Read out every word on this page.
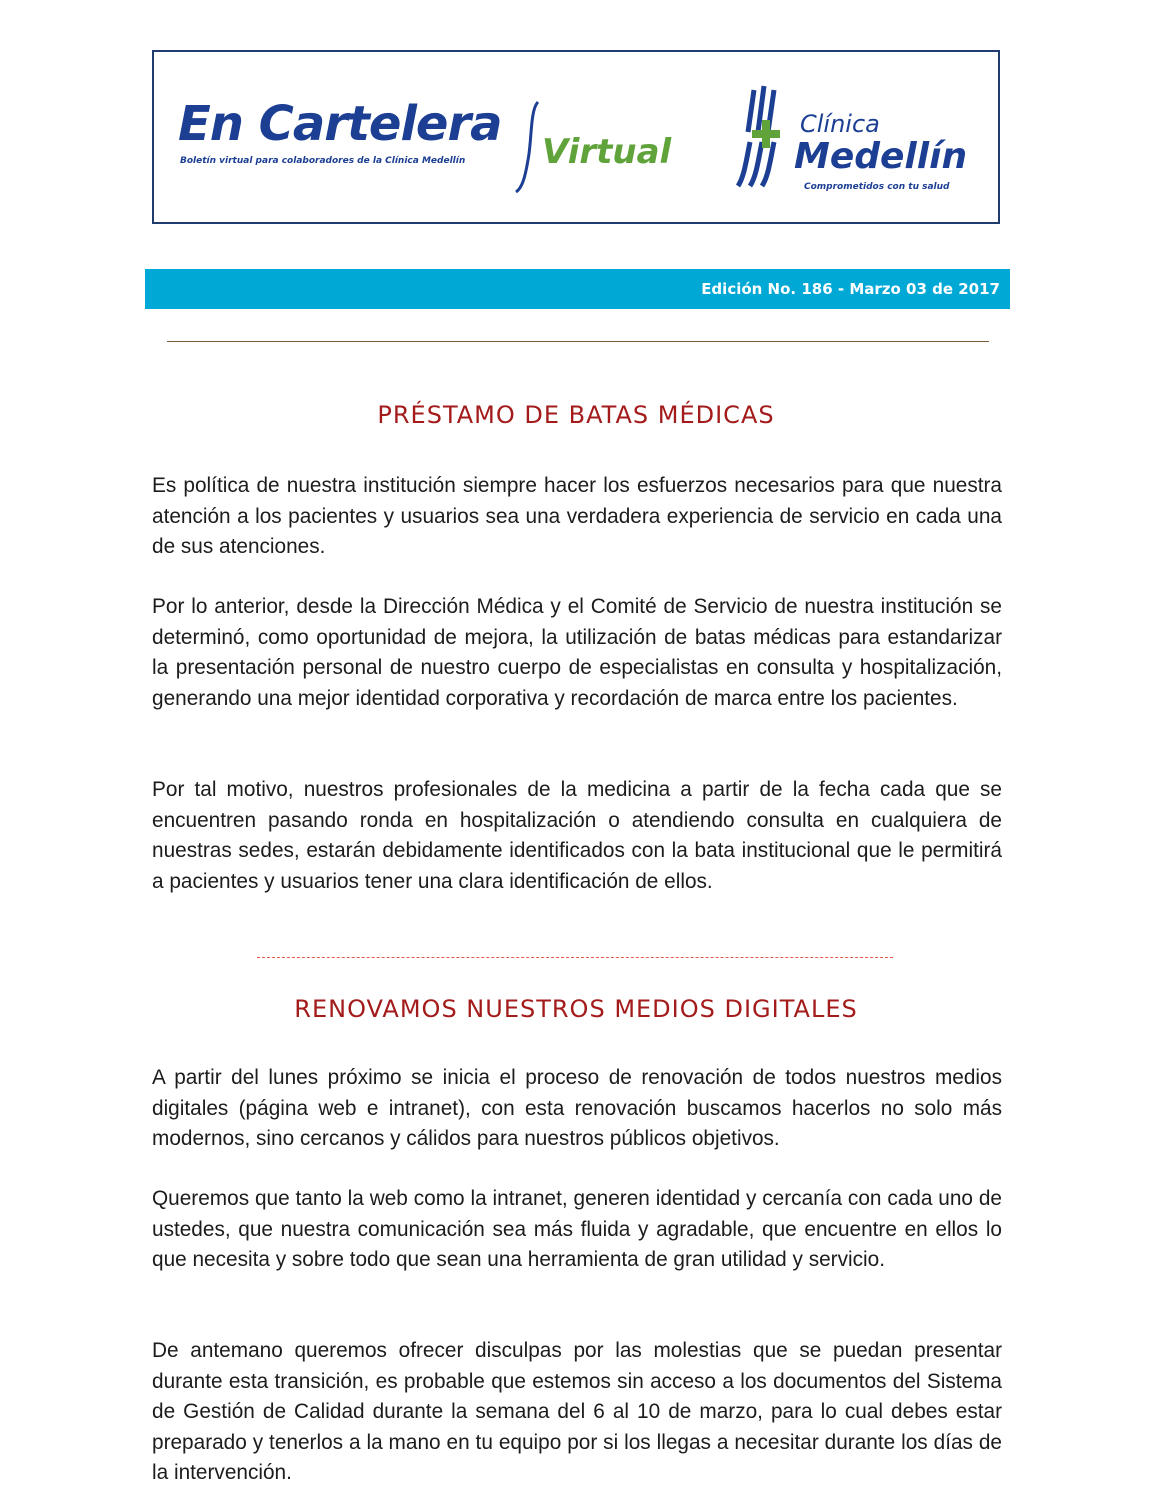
En Cartelera
Boletín virtual para colaboradores de la Clínica Medellín Virtual
Clínica
Medellín
Comprometidos con tu salud
Edición No. 186 - Marzo 03 de 2017
PRÉSTAMO DE BATAS MÉDICAS

Es política de nuestra institución siempre hacer los esfuerzos necesarios para que nuestra atención a los pacientes y usuarios sea una verdadera experiencia de servicio en cada una de sus atenciones.

Por lo anterior, desde la Dirección Médica y el Comité de Servicio de nuestra institución se determinó, como oportunidad de mejora, la utilización de batas médicas para estandarizar la presentación personal de nuestro cuerpo de especialistas en consulta y hospitalización, generando una mejor identidad corporativa y recordación de marca entre los pacientes.

Por tal motivo, nuestros profesionales de la medicina a partir de la fecha cada que se encuentren pasando ronda en hospitalización o atendiendo consulta en cualquiera de nuestras sedes, estarán debidamente identificados con la bata institucional que le permitirá a pacientes y usuarios tener una clara identificación de ellos.

RENOVAMOS NUESTROS MEDIOS DIGITALES

A partir del lunes próximo se inicia el proceso de renovación de todos nuestros medios digitales (página web e intranet), con esta renovación buscamos hacerlos no solo más modernos, sino cercanos y cálidos para nuestros públicos objetivos.

Queremos que tanto la web como la intranet, generen identidad y cercanía con cada uno de ustedes, que nuestra comunicación sea más fluida y agradable, que encuentre en ellos lo que necesita y sobre todo que sean una herramienta de gran utilidad y servicio.

De antemano queremos ofrecer disculpas por las molestias que se puedan presentar durante esta transición, es probable que estemos sin acceso a los documentos del Sistema de Gestión de Calidad durante la semana del 6 al 10 de marzo, para lo cual debes estar preparado y tenerlos a la mano en tu equipo por si los llegas a necesitar durante los días de la intervención.
